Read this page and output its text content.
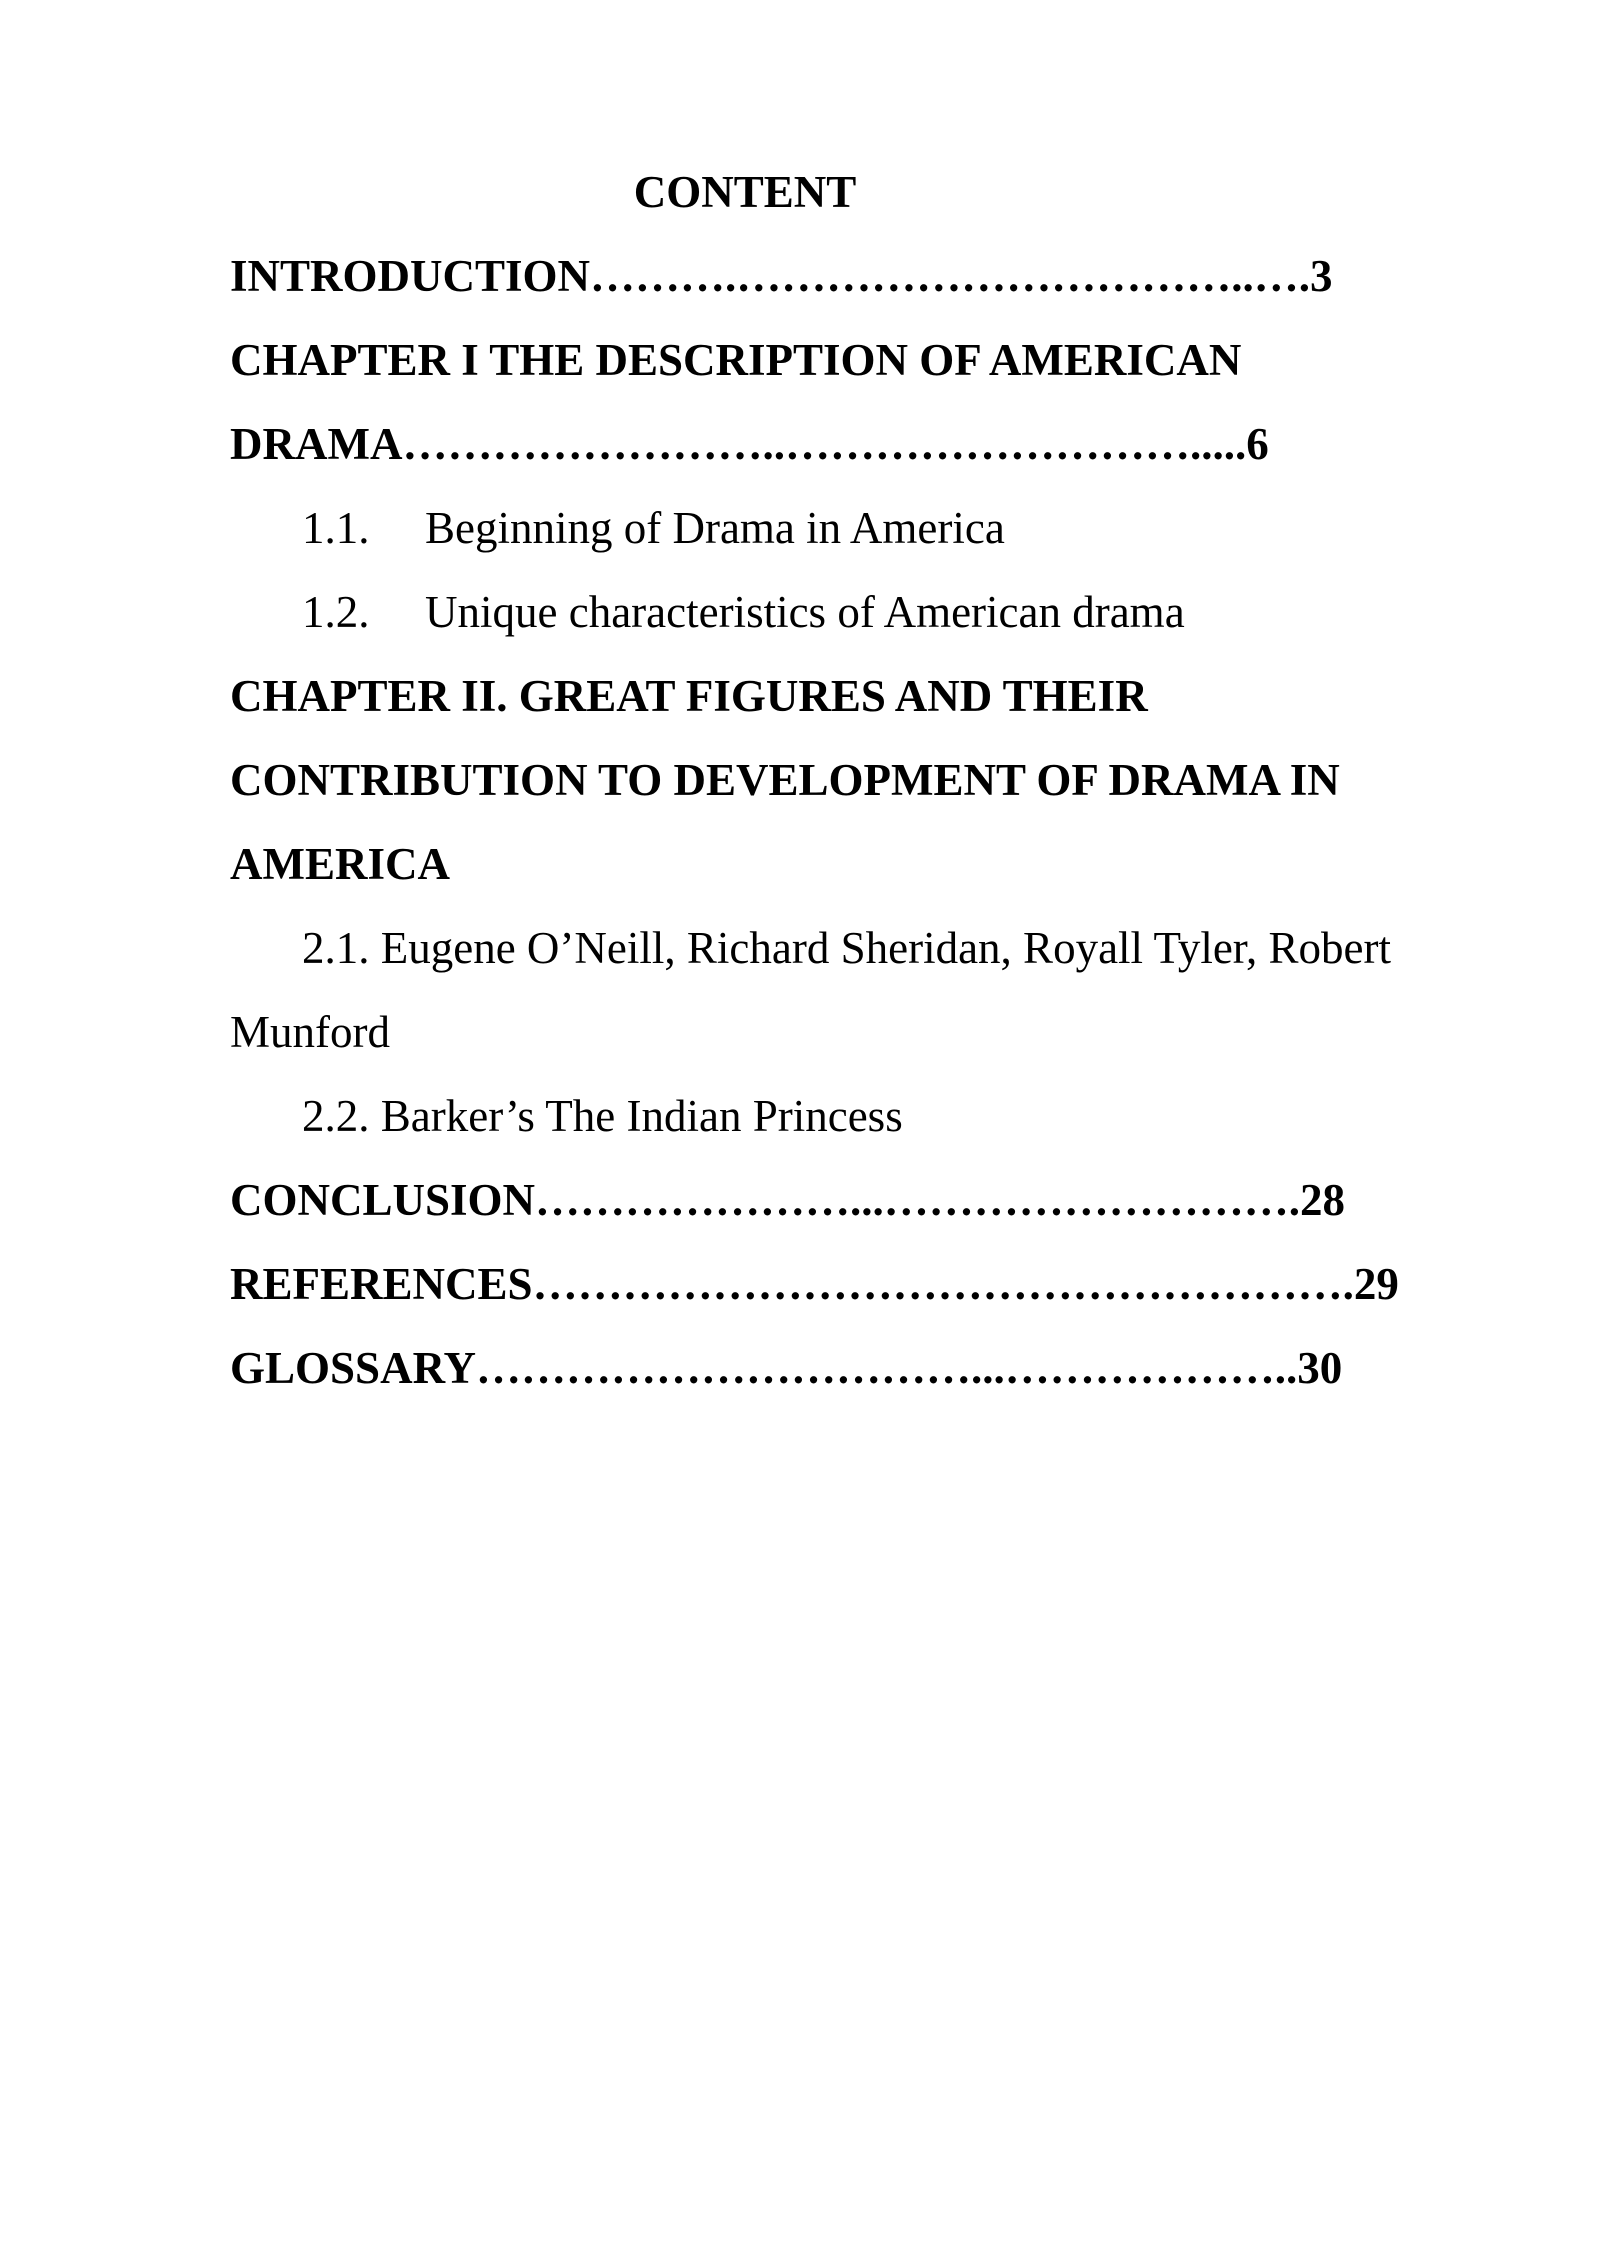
CONTENT
INTRODUCTION……….……………………………..….3
CHAPTER I THE DESCRIPTION OF AMERICAN
DRAMA……………………..……………………….....6
1.1. Beginning of Drama in America
1.2. Unique characteristics of American drama
CHAPTER II. GREAT FIGURES AND THEIR
CONTRIBUTION TO DEVELOPMENT OF DRAMA IN
AMERICA
2.1. Eugene O’Neill, Richard Sheridan, Royall Tyler, Robert
Munford
2.2. Barker’s The Indian Princess
CONCLUSION…………………...……………………….28
REFERENCES……………………………………………….29
GLOSSARY……………………………...………………..30
